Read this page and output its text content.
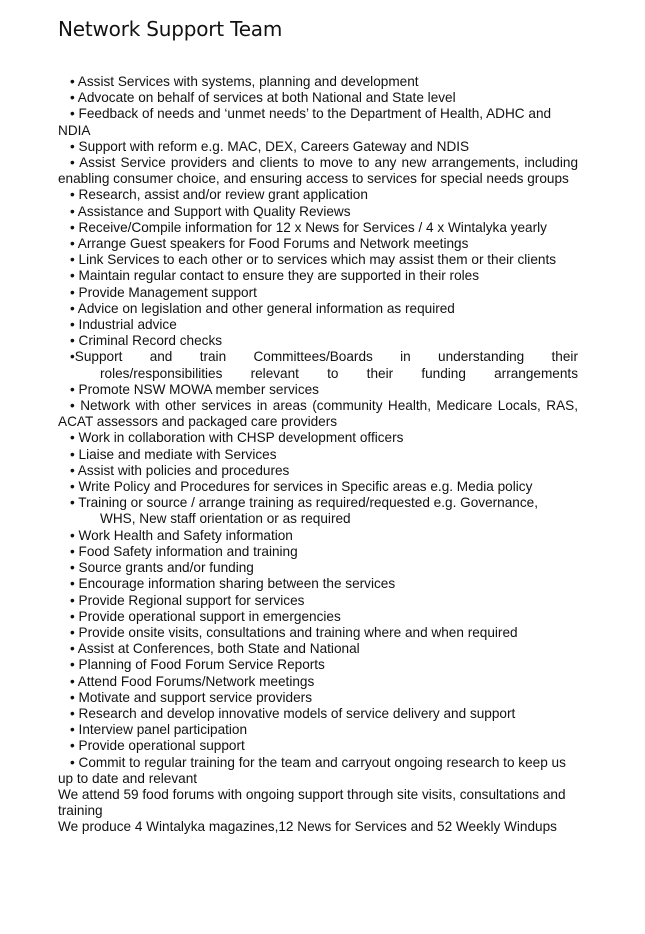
Network Support Team

• Assist Services with systems, planning and development

• Advocate on behalf of services at both National and State level

• Feedback of needs and ‘unmet needs’ to the Department of Health, ADHC and NDIA

• Support with reform e.g. MAC, DEX, Careers Gateway and NDIS

• Assist Service providers and clients to move to any new arrangements, including enabling consumer choice, and ensuring access to services for special needs groups

• Research, assist and/or review grant application

• Assistance and Support with Quality Reviews

• Receive/Compile information for 12 x News for Services / 4 x Wintalyka yearly

• Arrange Guest speakers for Food Forums and Network meetings

• Link Services to each other or to services which may assist them or their clients

• Maintain regular contact to ensure they are supported in their roles

• Provide Management support

• Advice on legislation and other general information as required

• Industrial advice

• Criminal Record checks

•Support and train Committees/Boards in understanding their
roles/responsibilities relevant to their funding arrangements

• Promote NSW MOWA member services

• Network with other services in areas (community Health, Medicare Locals, RAS, ACAT assessors and packaged care providers

• Work in collaboration with CHSP development officers

• Liaise and mediate with Services

• Assist with policies and procedures

• Write Policy and Procedures for services in Specific areas e.g. Media policy

• Training or source / arrange training as required/requested e.g. Governance,
WHS, New staff orientation or as required

• Work Health and Safety information

• Food Safety information and training

• Source grants and/or funding

• Encourage information sharing between the services

• Provide Regional support for services

• Provide operational support in emergencies

• Provide onsite visits, consultations and training where and when required

• Assist at Conferences, both State and National

• Planning of Food Forum Service Reports

• Attend Food Forums/Network meetings

• Motivate and support service providers

• Research and develop innovative models of service delivery and support

• Interview panel participation

• Provide operational support

• Commit to regular training for the team and carryout ongoing research to keep us up to date and relevant

We attend 59 food forums with ongoing support through site visits, consultations and training

We produce 4 Wintalyka magazines,12 News for Services and 52 Weekly Windups
